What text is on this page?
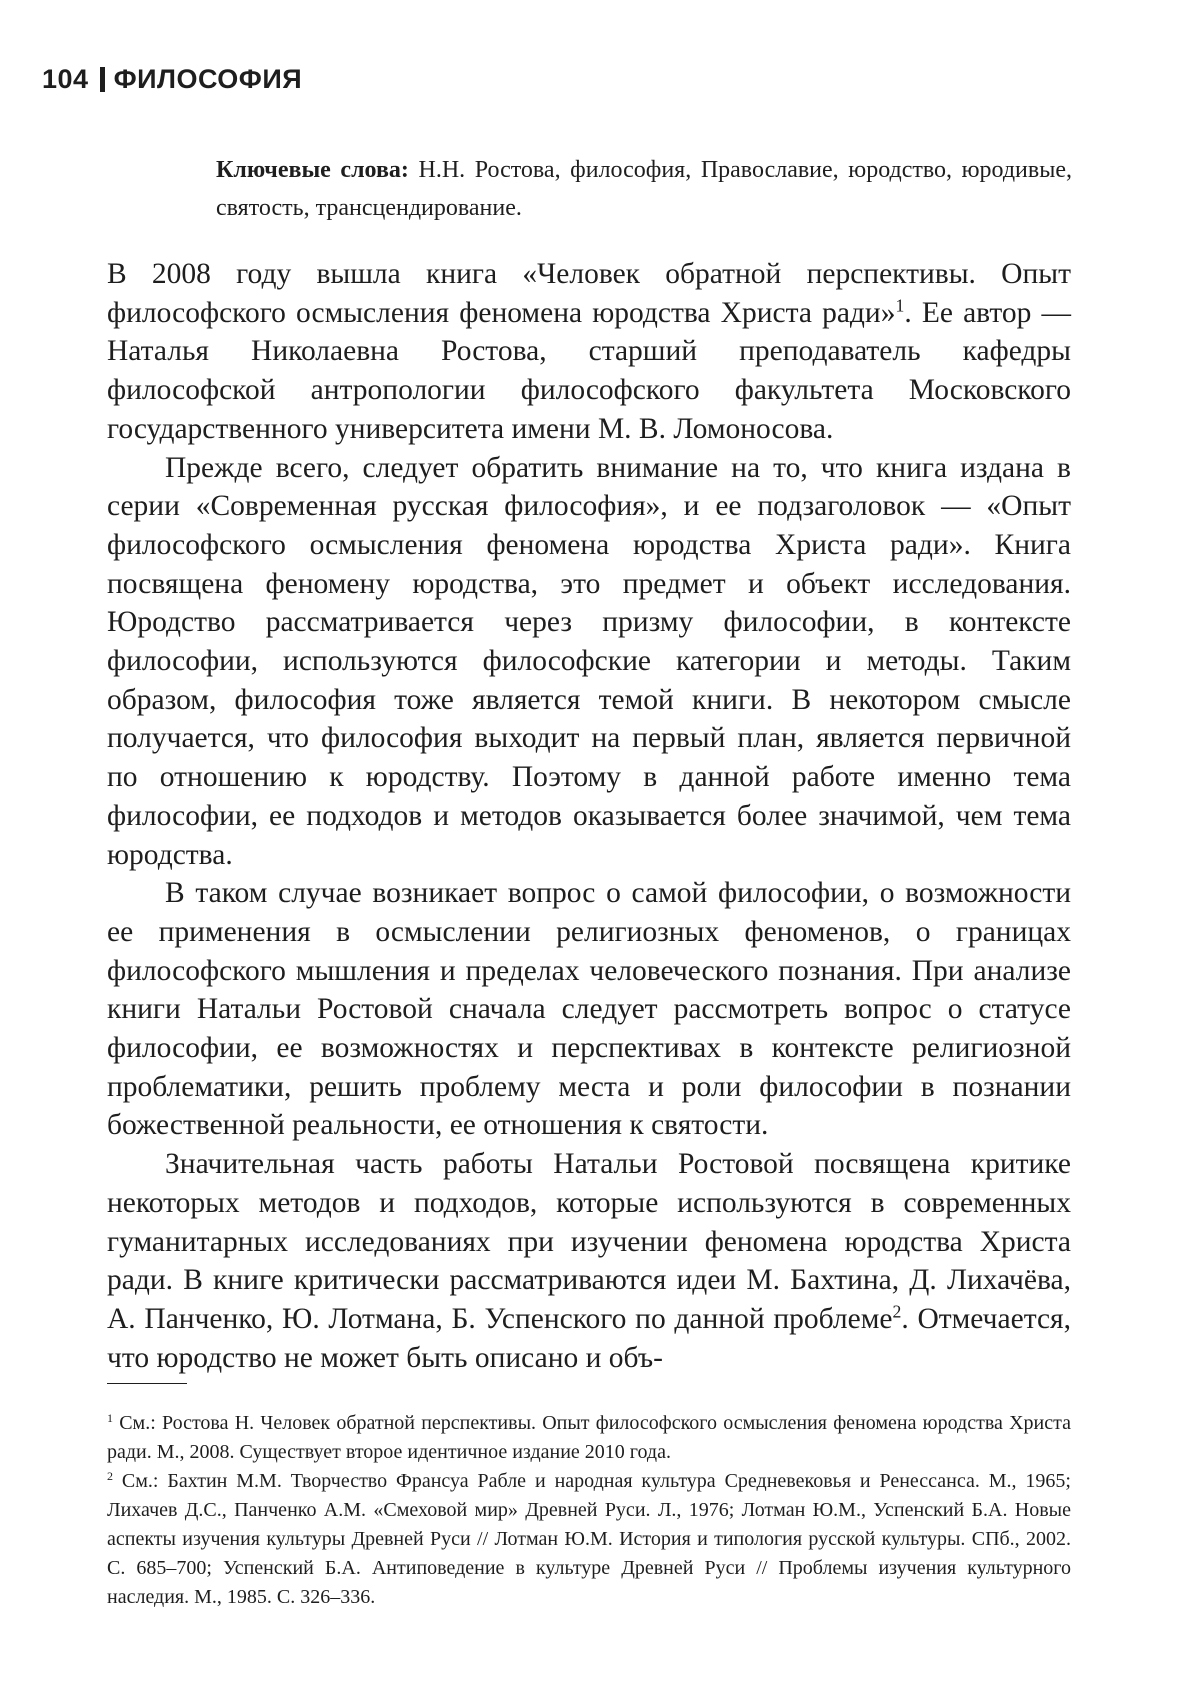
104 ФИЛОСОФИЯ
Ключевые слова: Н.Н. Ростова, философия, Православие, юродство, юродивые, святость, трансцендирование.

В 2008 году вышла книга «Человек обратной перспективы. Опыт философского осмысления феномена юродства Христа ради»$^1$. Ее автор — Наталья Николаевна Ростова, старший преподаватель кафедры философской антропологии философского факультета Московского государственного университета имени М. В. Ломоносова.

Прежде всего, следует обратить внимание на то, что книга издана в серии «Современная русская философия», и ее подзаголовок — «Опыт философского осмысления феномена юродства Христа ради». Книга посвящена феномену юродства, это предмет и объект исследования. Юродство рассматривается через призму философии, в контексте философии, используются философские категории и методы. Таким образом, философия тоже является темой книги. В некотором смысле получается, что философия выходит на первый план, является первичной по отношению к юродству. Поэтому в данной работе именно тема философии, ее подходов и методов оказывается более значимой, чем тема юродства.

В таком случае возникает вопрос о самой философии, о возможности ее применения в осмыслении религиозных феноменов, о границах философского мышления и пределах человеческого познания. При анализе книги Натальи Ростовой сначала следует рассмотреть вопрос о статусе философии, ее возможностях и перспективах в контексте религиозной проблематики, решить проблему места и роли философии в познании божественной реальности, ее отношения к святости.

Значительная часть работы Натальи Ростовой посвящена критике некоторых методов и подходов, которые используются в современных гуманитарных исследованиях при изучении феномена юродства Христа ради. В книге критически рассматриваются идеи М. Бахтина, Д. Лихачёва, А. Панченко, Ю. Лотмана, Б. Успенского по данной проблеме$^2$. Отмечается, что юродство не может быть описано и объ-

$^1$ См.: Ростова Н. Человек обратной перспективы. Опыт философского осмысления феномена юродства Христа ради. М., 2008. Существует второе идентичное издание 2010 года.

$^2$ См.: Бахтин М.М. Творчество Франсуа Рабле и народная культура Средневековья и Ренессанса. М., 1965; Лихачев Д.С., Панченко А.М. «Смеховой мир» Древней Руси. Л., 1976; Лотман Ю.М., Успенский Б.А. Новые аспекты изучения культуры Древней Руси // Лотман Ю.М. История и типология русской культуры. СПб., 2002. С. 685–700; Успенский Б.А. Антиповедение в культуре Древней Руси // Проблемы изучения культурного наследия. М., 1985. С. 326–336.
